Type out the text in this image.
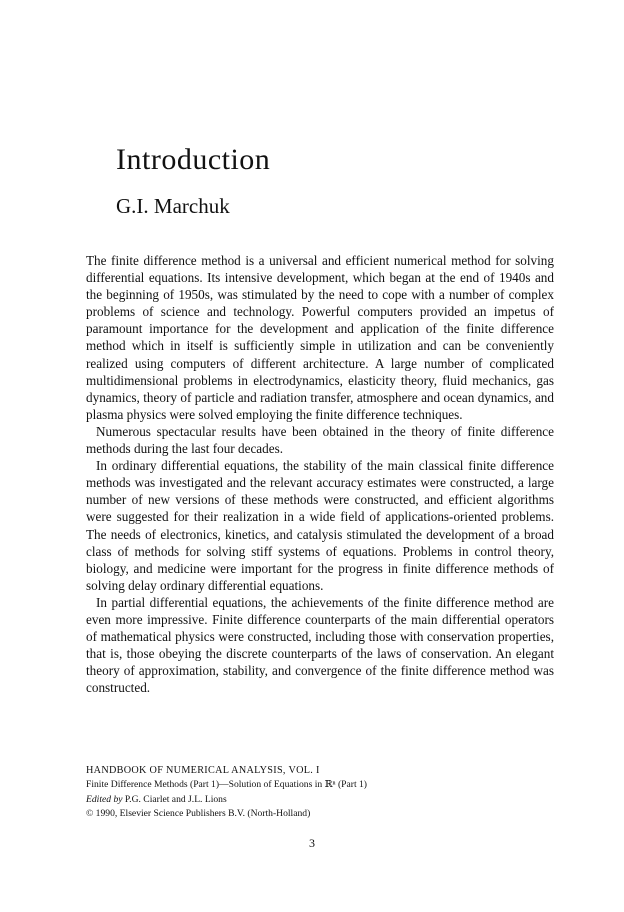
Introduction
G.I. Marchuk

The finite difference method is a universal and efficient numerical method for solving differential equations. Its intensive development, which began at the end of 1940s and the beginning of 1950s, was stimulated by the need to cope with a number of complex problems of science and technology. Powerful computers provided an impetus of paramount importance for the development and application of the finite difference method which in itself is sufficiently simple in utilization and can be conveniently realized using computers of different architecture. A large number of complicated multidimensional problems in electrodynamics, elasticity theory, fluid mechanics, gas dynamics, theory of particle and radiation transfer, atmosphere and ocean dynamics, and plasma physics were solved employing the finite difference techniques.

Numerous spectacular results have been obtained in the theory of finite difference methods during the last four decades.

In ordinary differential equations, the stability of the main classical finite difference methods was investigated and the relevant accuracy estimates were constructed, a large number of new versions of these methods were constructed, and efficient algorithms were suggested for their realization in a wide field of applications-oriented problems. The needs of electronics, kinetics, and catalysis stimulated the development of a broad class of methods for solving stiff systems of equations. Problems in control theory, biology, and medicine were important for the progress in finite difference methods of solving delay ordinary differential equations.

In partial differential equations, the achievements of the finite difference method are even more impressive. Finite difference counterparts of the main differential operators of mathematical physics were constructed, including those with conservation properties, that is, those obeying the discrete counterparts of the laws of conservation. An elegant theory of approximation, stability, and convergence of the finite difference method was constructed.

HANDBOOK OF NUMERICAL ANALYSIS, VOL. I
Finite Difference Methods (Part 1)—Solution of Equations in ℝⁿ (Part 1)
Edited by P.G. Ciarlet and J.L. Lions
© 1990, Elsevier Science Publishers B.V. (North-Holland)
3
